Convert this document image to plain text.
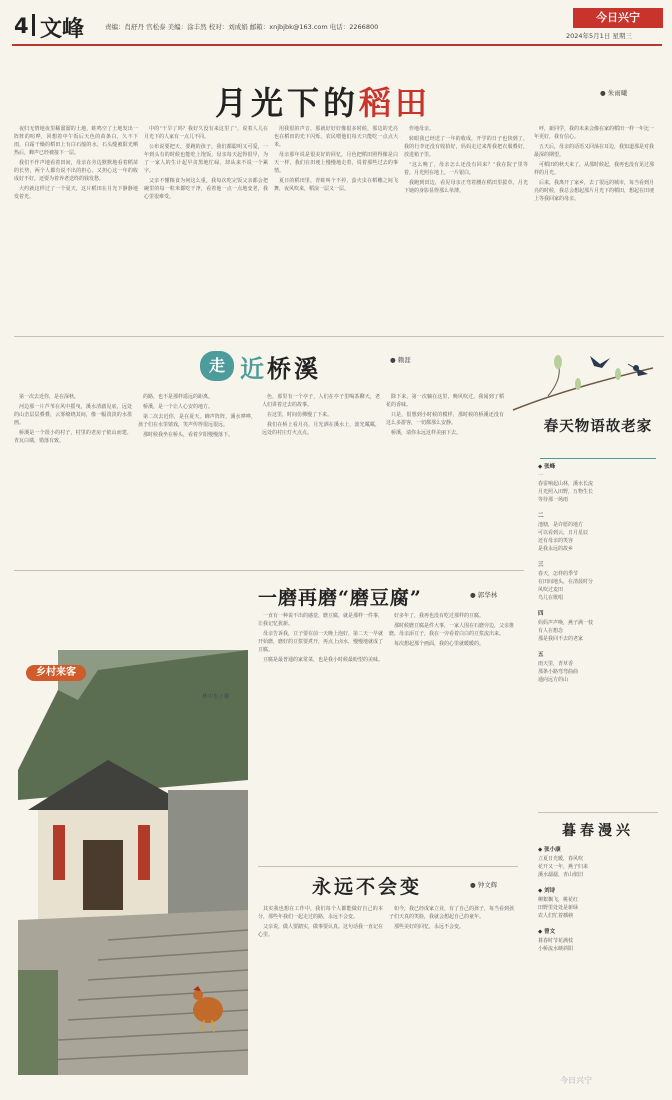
4 文峰	责编：肖舒丹 官松泰 美编：涂丰然 校对：刘成娟 邮箱：xnjbjbk@163.com 电话：2266800
今日兴宁
2024年5月1日 星期三
月光下的稻田	● 朱雨曦

夜归无情地夜里稀溜溜的土地，蛙鸣空了土地发出一阵阵的喧哗，回想着中午饭后天色的苗条白，久不下雨，白霜干燥的稻田上有白石般的水，石头缝被阳光晒热后，蝉声已经被接下一层。

我们不作声地看着田间，母亲在旁边默默地看着稻苗的长势，两个人都有说不出的担心。又担心这一年的收成好不好，还要为着养老送终的钱发愁。

大约就这样过了一个夏天，这片稻田在月光下静静地发着光。

中的“干旱了吗？我好久没有来这里了”，说着人儿在月光下的人家有一点儿不同。

公布说要把天，要跑的孩子，我们都聪明又可爱，一年到头有的时候也能吃上饱饭，母亲每天起得很早，为了一家人的生计起早贪黑地忙碌，却从来不说一个累字。

父亲不懂粮食为何这么重，我每次吃完饭父亲都会把碗里的每一粒米都吃干净，看着他一点一点地变老，我心里很难受。

用我很的声音，那就好好好像很多时候，那边的光亮也在稻田的光下闪烁，农民喂他们每天只能吃一点点大米。

母亲那年说是很美好的回忆，月色把稻田照得像是白天一样，我们在田埂上慢慢地走着，说着那些过去的事情。

夏日的稻田里，青蛙叫个不停，萤火虫在稻穗之间飞舞，夜风吹来，稻浪一层又一层。

作地母亲。

转眼我已经送了一年的收成，开学的日子也快到了，我的行李还没有收拾好，妈妈走过来帮我把衣服叠好，放进箱子里。

“这么晚了，母亲怎么还没有回来？”我在院子里等着，月光照在地上，一片银白。

我跑到田边，看见母亲正弯着腰在稻田里拔草，月光下她的身影显得那么单薄。

呼，新同学，我的未来会像在家的稻田一样一年比一年更好，我有信心。

五天后，母亲的话语又回荡在耳边，我知道那是对我最深的期望。

可稻田的秋天来了，从那时候起，我再也没有见过那样的月光。

后来，我离开了家乡，去了很远的城市，每当看到月亮的时候，我总会想起那片月光下的稻田，想起在田埂上等我回家的母亲。

走 近桥溪	● 赖涯

第一次去近你，是在深秋。

河边那一片芦苇在风中摇曳，溪水清澈见底，远处的山峦层层叠叠，云雾缭绕其间，像一幅淡淡的水墨画。

桥溪是一个很小的村子，村里的老房子依山而建，青瓦白墙，错落有致。

的路，也不是那样遥远的距离。

桥溪，是一个让人心安的地方。

第二次去近你，是在夏天。蝉声阵阵，溪水哗哗，孩子们在水里嬉戏，笑声传得很远很远。

那时候我坐在桥头，看着夕阳慢慢落下。

色，那里有一个亭子，人们在亭子里喝茶聊天，老人们讲着过去的故事。

在这里，时间仿佛慢了下来。

我们在桥上看月亮，月光洒在溪水上，波光粼粼，远处的村庄灯火点点。

除下来，第一次躺在这里，晚风吹过，我闻到了稻花的香味。

只是，很想到小时候的模样，那时候的桥溪还没有这么多游客，一切都那么安静。

桥溪，请你永远这样美丽下去。	春天物语故老家
◆ 张峰
一
春雷响起山林，溪水长流
月光照入田野，万物生长
等待那一场雨
二
池塘，是许愿的地方
可以看到云，日月星辰
还有母亲的笑容
是我永远的故乡
三
春天，怎样的季节
在田间地头，在清晨时分
风吹过麦田
鸟儿在歌唱
四
妈妈声声唤，燕子满一枝
有人在想念
那是我回不去的老家
五
雨天里，青草香
那条小路弯弯曲曲
通向远方的山
乡村来客
林中东 / 摄
一磨再磨“磨豆腐”	● 郭华林

一直有一种说不出的感觉，磨豆腐，就是那样一件事，让我记忆犹新。

母亲告诉我，豆子要在前一天晚上泡好，第二天一早就开始磨，磨好的豆浆要煮开，再点上卤水，慢慢地就成了豆腐。

豆腐是最普通的家常菜，也是我小时候最盼望的美味。

好多年了，我再也没有吃过那样的豆腐。

那时候磨豆腐是件大事，一家人围在石磨旁边，父亲推磨，母亲添豆子，我在一旁看着白白的豆浆流出来。

每次想起那个画面，我的心里就暖暖的。

永远不会变	● 钟文辉

其实我也想在工作中，我们每个人都能做好自己的本分，那些年我们一起走过的路，永远不会变。

父亲说，做人要踏实，做事要认真。这句话我一直记在心里。

如今，我已经成家立业，有了自己的孩子，每当看到孩子们天真的笑脸，我就会想起自己的童年。

那些美好的回忆，永远不会变。

暮春漫兴
◆ 张小康
立夏日光暖，春风吹
花开又一年，燕子归来
溪水潺潺，青山依旧
◆ 刘诗
柳絮飘飞，桃花红
田野里处处是新绿
农人们忙着插秧
◆ 曾文
暮春时节花满枝
小桥流水映斜阳
今日兴宁
